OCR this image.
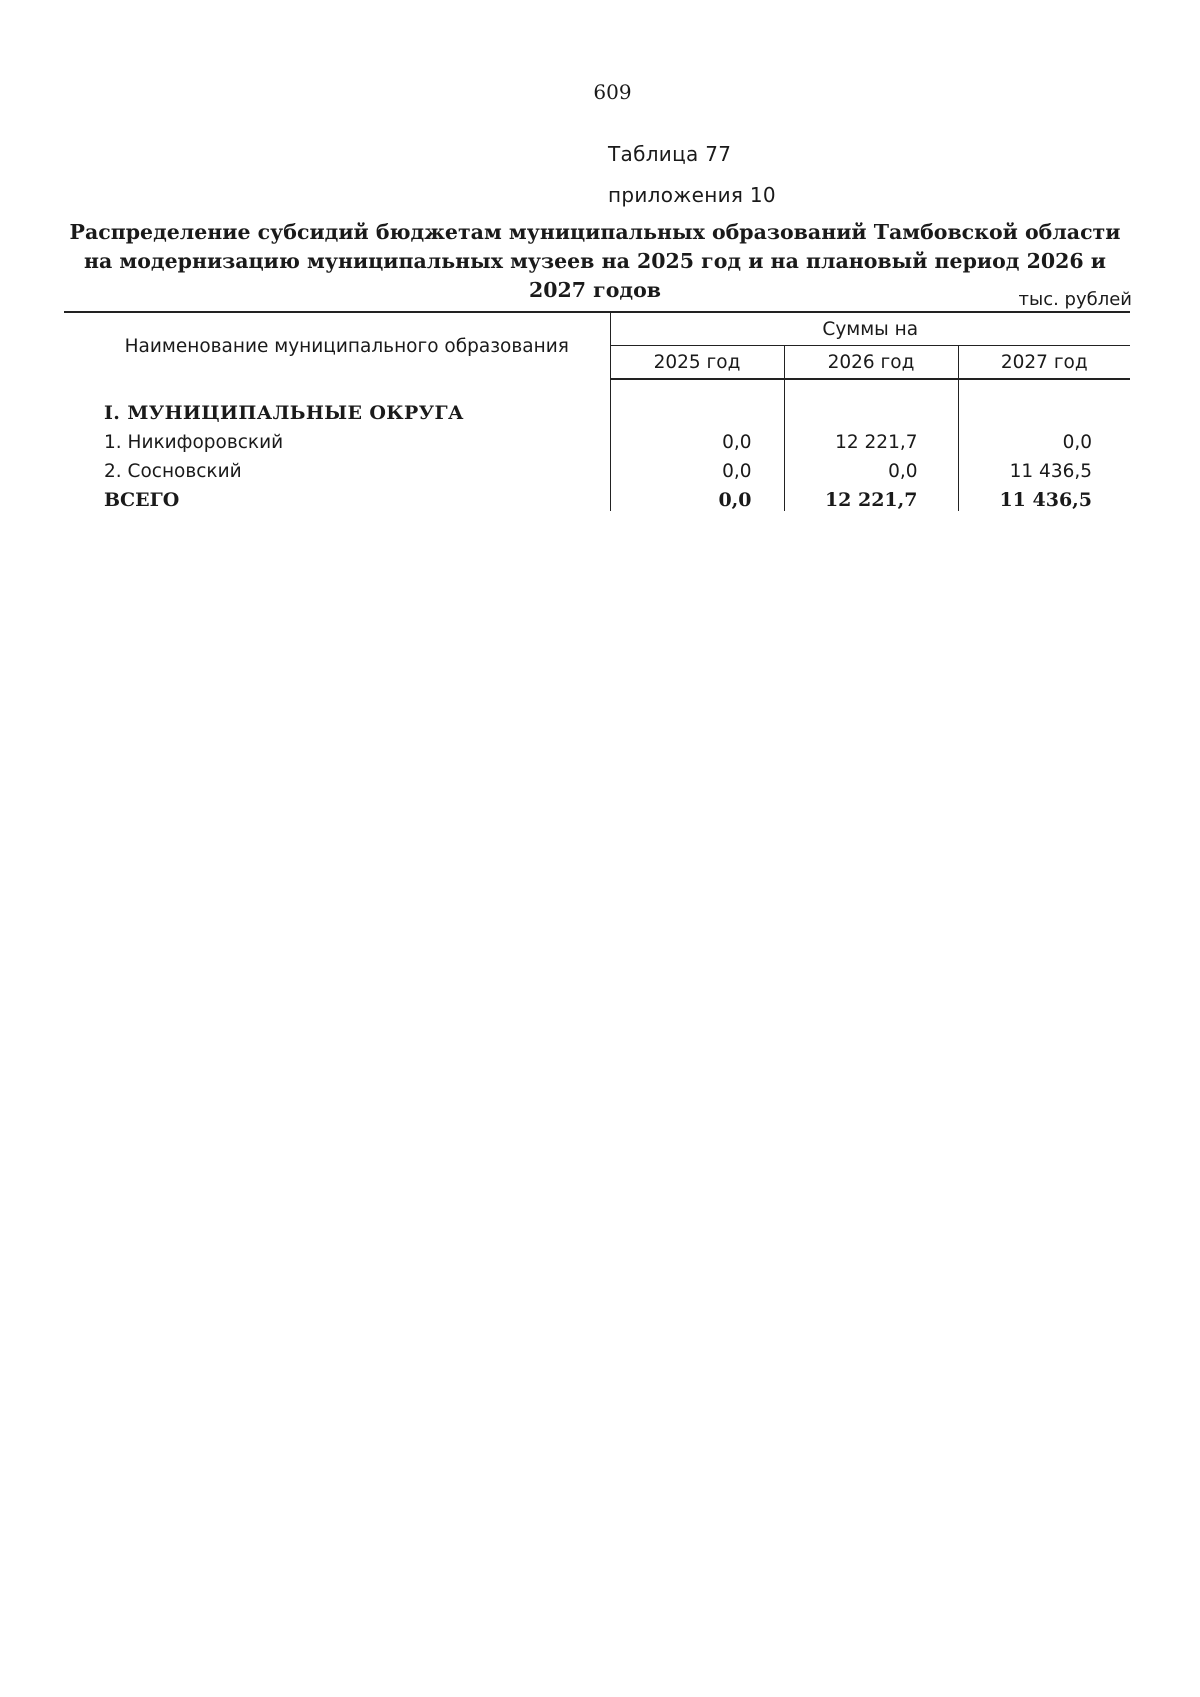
609
Таблица 77
приложения 10
Распределение субсидий бюджетам муниципальных образований Тамбовской области на модернизацию муниципальных музеев на 2025 год и на плановый период 2026 и 2027 годов	тыс. рублей
Наименование муниципального образования	Суммы на		
	2025 год	2026 год	2027 год
I. МУНИЦИПАЛЬНЫЕ ОКРУГА			
1. Никифоровский	0,0	12 221,7	0,0
2. Сосновский	0,0	0,0	11 436,5
ВСЕГО	0,0	12 221,7	11 436,5
